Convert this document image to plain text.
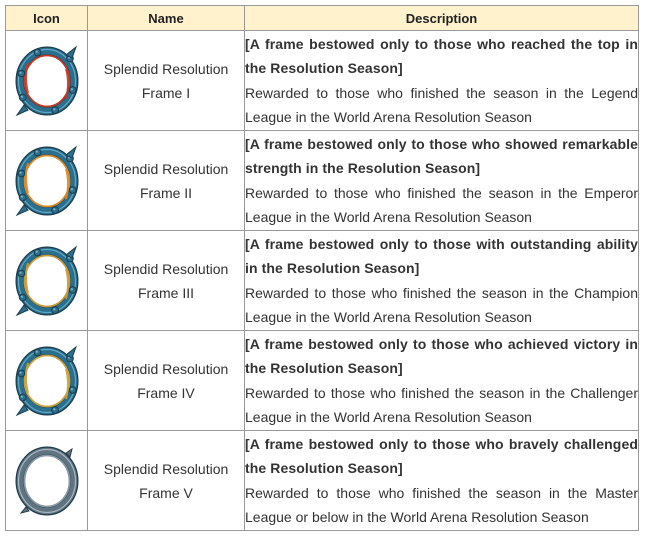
Icon	Name	Description

	Splendid Resolution
Frame I	[A frame bestowed only to those who reached the top in the Resolution Season]
Rewarded to those who finished the season in the Legend League in the World Arena Resolution Season

	Splendid Resolution
Frame II	[A frame bestowed only to those who showed remarkable strength in the Resolution Season]
Rewarded to those who finished the season in the Emperor League in the World Arena Resolution Season

	Splendid Resolution
Frame III	[A frame bestowed only to those with outstanding ability in the Resolution Season]
Rewarded to those who finished the season in the Champion League in the World Arena Resolution Season

	Splendid Resolution
Frame IV	[A frame bestowed only to those who achieved victory in the Resolution Season]
Rewarded to those who finished the season in the Challenger League in the World Arena Resolution Season

	Splendid Resolution
Frame V	[A frame bestowed only to those who bravely challenged the Resolution Season]
Rewarded to those who finished the season in the Master League or below in the World Arena Resolution Season
